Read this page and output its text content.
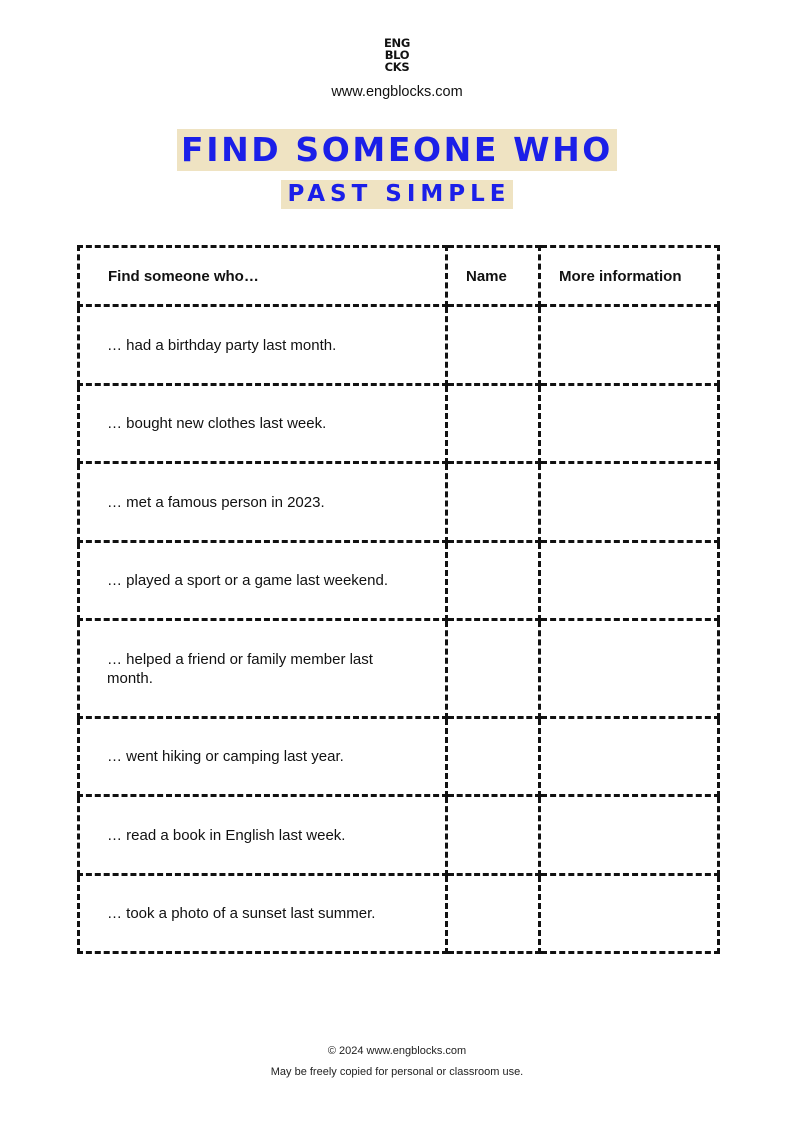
ENG
BLO
CKS
www.engblocks.com
FIND SOMEONE WHO
PAST SIMPLE
Find someone who…	Name	More information
… had a birthday party last month.		
… bought new clothes last week.		
… met a famous person in 2023.		
… played a sport or a game last weekend.		
… helped a friend or family member last month.		
… went hiking or camping last year.		
… read a book in English last week.		
… took a photo of a sunset last summer.		
© 2024 www.engblocks.com
May be freely copied for personal or classroom use.
